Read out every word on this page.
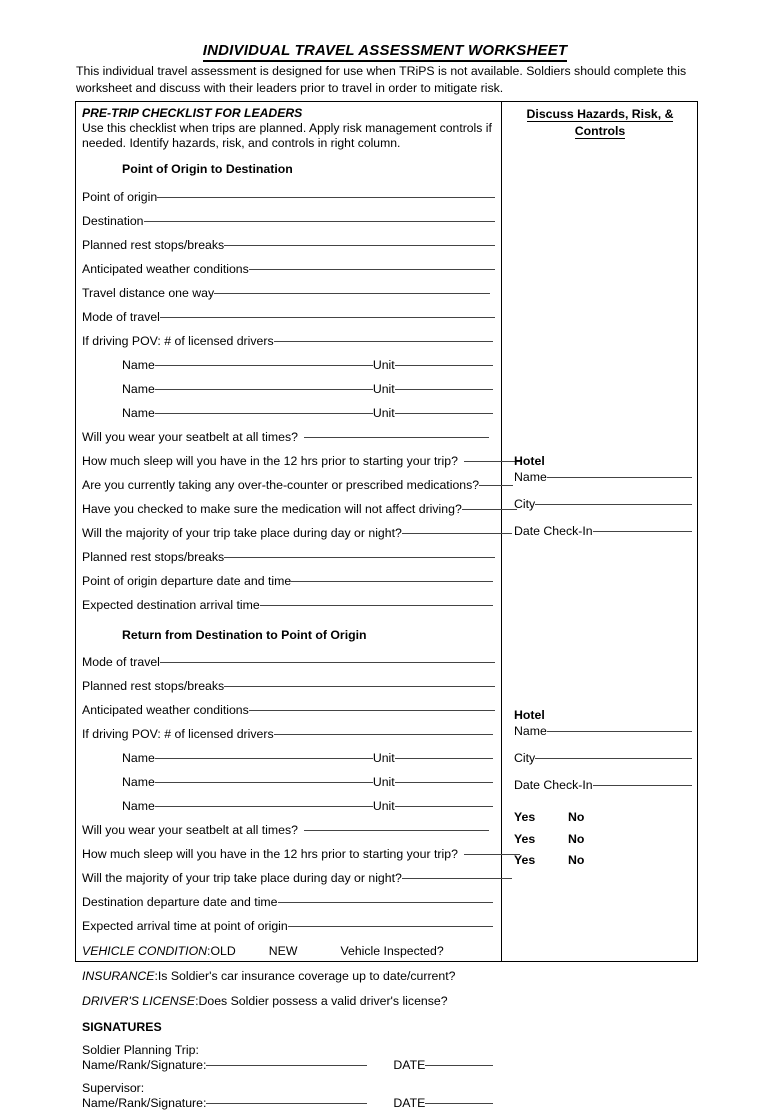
INDIVIDUAL TRAVEL ASSESSMENT WORKSHEET
This individual travel assessment is designed for use when TRiPS is not available. Soldiers should complete this worksheet and discuss with their leaders prior to travel in order to mitigate risk.
PRE-TRIP CHECKLIST FOR LEADERS
Use this checklist when trips are planned. Apply risk management controls if
needed. Identify hazards, risk, and controls in right column.
Point of Origin to Destination
Point of origin
Destination
Planned rest stops/breaks
Anticipated weather conditions
Travel distance one way
Mode of travel
If driving POV: # of licensed drivers
Name	Unit
Name	Unit
Name	Unit
Will you wear your seatbelt at all times?
How much sleep will you have in the 12 hrs prior to starting your trip?
Are you currently taking any over-the-counter or prescribed medications?
Have you checked to make sure the medication will not affect driving?
Will the majority of your trip take place during day or night?
Planned rest stops/breaks
Point of origin departure date and time
Expected destination arrival time
Return from Destination to Point of Origin
Mode of travel
Planned rest stops/breaks
Anticipated weather conditions
If driving POV: # of licensed drivers
Name	Unit
Name	Unit
Name	Unit
Will you wear your seatbelt at all times?
How much sleep will you have in the 12 hrs prior to starting your trip?
Will the majority of your trip take place during day or night?
Destination departure date and time
Expected arrival time at point of origin
VEHICLE CONDITION : OLD	NEW	Vehicle Inspected?
INSURANCE : Is Soldier's car insurance coverage up to date/current?
DRIVER'S LICENSE : Does Soldier possess a valid driver's license?
SIGNATURES
Soldier Planning Trip:
Name/Rank/Signature:	DATE
Supervisor:
Name/Rank/Signature:	DATE
Discuss Hazards, Risk, &
Controls
Hotel
Name
City
Date Check-In
Hotel
Name
City
Date Check-In
Yes	No
Yes	No
Yes	No
